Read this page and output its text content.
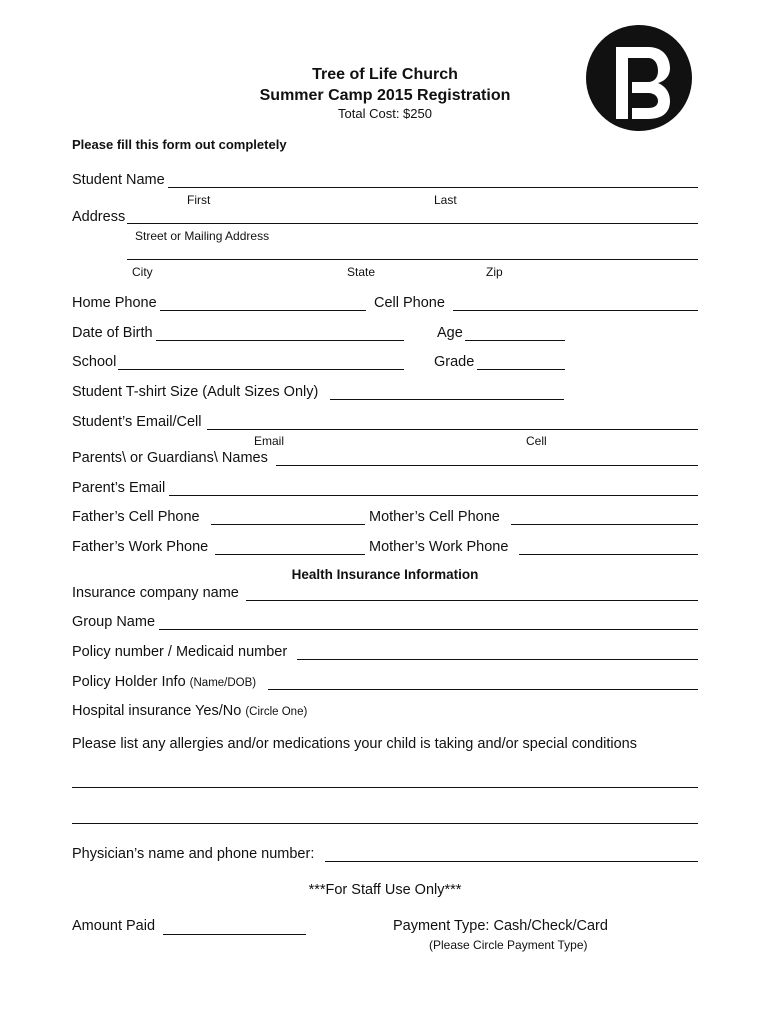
Tree of Life Church
Summer Camp 2015 Registration
Total Cost: $250
Please fill this form out completely
Student Name
First	Last
Address
Street or Mailing Address
City	State	Zip
Home Phone	Cell Phone
Date of Birth	Age
School	Grade
Student T-shirt Size (Adult Sizes Only)
Student’s Email/Cell
Email	Cell
Parents\ or Guardians\ Names
Parent’s Email
Father’s Cell Phone	Mother’s Cell Phone
Father’s Work Phone	Mother’s Work Phone
Health Insurance Information
Insurance company name
Group Name
Policy number / Medicaid number
Policy Holder Info (Name/DOB)
Hospital insurance Yes/No (Circle One)
Please list any allergies and/or medications your child is taking and/or special conditions
Physician’s name and phone number:
***For Staff Use Only***
Amount Paid	Payment Type: Cash/Check/Card
(Please Circle Payment Type)
